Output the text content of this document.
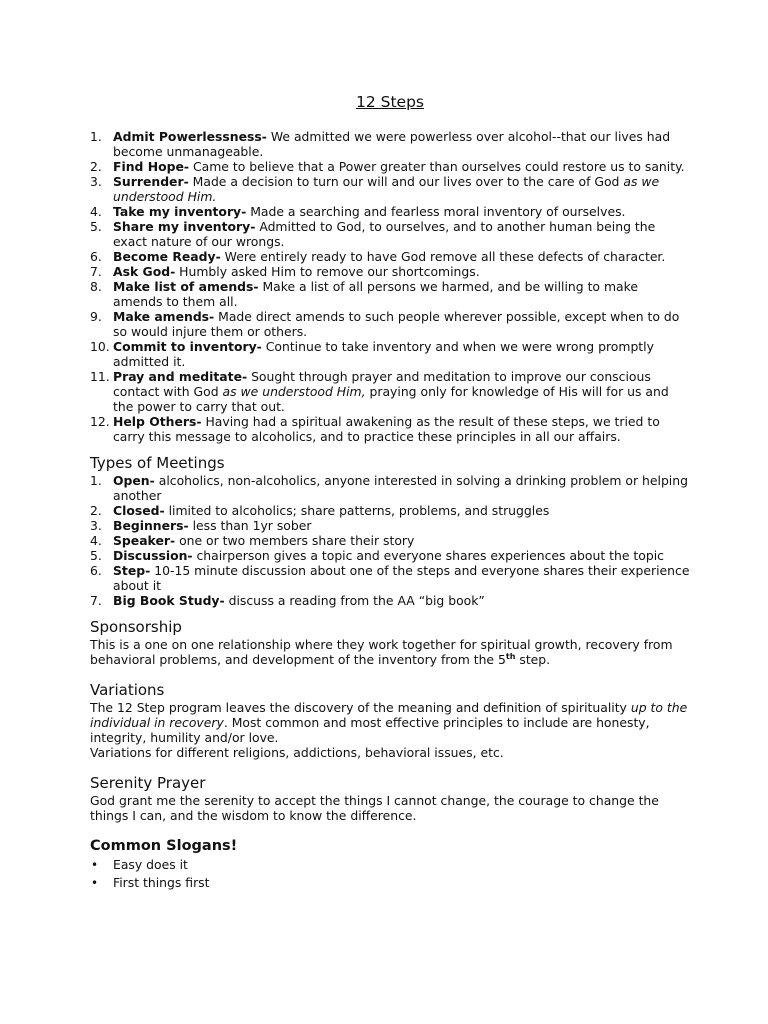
12 Steps
1. Admit Powerlessness- We admitted we were powerless over alcohol--that our lives had become unmanageable.
2. Find Hope- Came to believe that a Power greater than ourselves could restore us to sanity.
3. Surrender- Made a decision to turn our will and our lives over to the care of God as we understood Him.
4. Take my inventory- Made a searching and fearless moral inventory of ourselves.
5. Share my inventory- Admitted to God, to ourselves, and to another human being the exact nature of our wrongs.
6. Become Ready- Were entirely ready to have God remove all these defects of character.
7. Ask God- Humbly asked Him to remove our shortcomings.
8. Make list of amends- Make a list of all persons we harmed, and be willing to make amends to them all.
9. Make amends- Made direct amends to such people wherever possible, except when to do so would injure them or others.
10. Commit to inventory- Continue to take inventory and when we were wrong promptly admitted it.
11. Pray and meditate- Sought through prayer and meditation to improve our conscious contact with God as we understood Him, praying only for knowledge of His will for us and the power to carry that out.
12. Help Others- Having had a spiritual awakening as the result of these steps, we tried to carry this message to alcoholics, and to practice these principles in all our affairs.
Types of Meetings
1. Open- alcoholics, non-alcoholics, anyone interested in solving a drinking problem or helping another
2. Closed- limited to alcoholics; share patterns, problems, and struggles
3. Beginners- less than 1yr sober
4. Speaker- one or two members share their story
5. Discussion- chairperson gives a topic and everyone shares experiences about the topic
6. Step- 10-15 minute discussion about one of the steps and everyone shares their experience about it
7. Big Book Study- discuss a reading from the AA “big book”
Sponsorship

This is a one on one relationship where they work together for spiritual growth, recovery from behavioral problems, and development of the inventory from the 5th step.

Variations

The 12 Step program leaves the discovery of the meaning and definition of spirituality up to the individual in recovery. Most common and most effective principles to include are honesty, integrity, humility and/or love.

Variations for different religions, addictions, behavioral issues, etc.

Serenity Prayer

God grant me the serenity to accept the things I cannot change, the courage to change the things I can, and the wisdom to know the difference.

Common Slogans!
• Easy does it
• First things first
